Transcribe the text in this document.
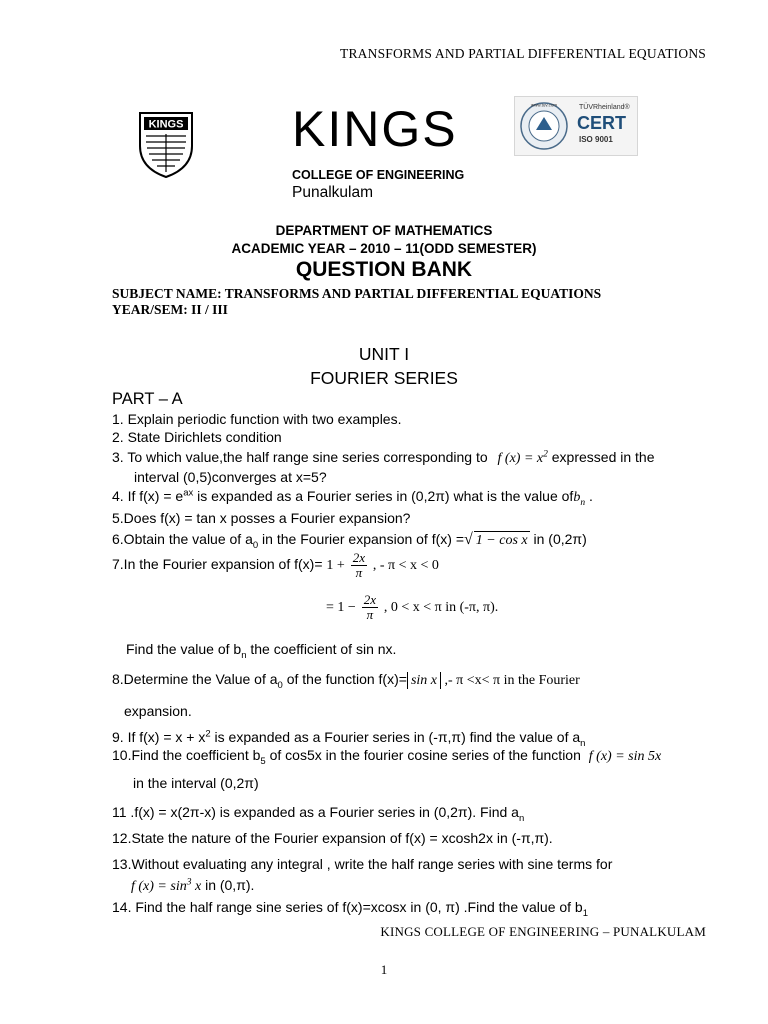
TRANSFORMS AND PARTIAL DIFFERENTIAL EQUATIONS
KINGS KINGS
COLLEGE OF ENGINEERING
Punalkulam
www.tuv.com	TÜVRheinland®
CERT
ISO 9001
DEPARTMENT OF MATHEMATICS
ACADEMIC YEAR – 2010 – 11(ODD SEMESTER)
QUESTION BANK
SUBJECT NAME: TRANSFORMS AND PARTIAL DIFFERENTIAL EQUATIONS
YEAR/SEM: II / III
UNIT I
FOURIER SERIES
PART – A
1. Explain periodic function with two examples.
2. State Dirichlets condition
3. To which value,the half range sine series corresponding to f $(x) = x^2$ expressed in the
interval (0,5)converges at x=5?
4. If $f(x) = e^{ax}$ is expanded as a Fourier series in (0,2π) what is the value ofb$_n$ .
5.Does f(x) = tan x posses a Fourier expansion?
6.Obtain the value of $a_0$ in the Fourier expansion of f(x) =√ 1 − cos x in (0,2π)
7.In the Fourier expansion of $f(x)= 1 + \frac{2x}{\pi}$ , - π < x < 0
= $1 - \frac{2x}{\pi}$ , 0 < x < π in (-π, π).
Find the value of $b_n$ the coefficient of sin nx.
8.Determine the Value of $a_0$ of the function f(x)= sin x ,- π <x< π in the Fourier
expansion.
9. If $f(x) = x + x^2$ is expanded as a Fourier series in (-π,π) find the value of $a_n$
10.Find the coefficient $b_5$ of cos5x in the fourier cosine series of the function f (x) = sin 5x
in the interval (0,2π)
11 .f(x) = x(2π-x) is expanded as a Fourier series in (0,2π). Find $a_n$
12.State the nature of the Fourier expansion of f(x) = xcosh2x in (-π,π).
13.Without evaluating any integral , write the half range series with sine terms for
f $(x) = \sin^3 x$ in (0,π).
14. Find the half range sine series of f(x)=xcosx in (0, π) .Find the value of $b_1$
KINGS COLLEGE OF ENGINEERING – PUNALKULAM
1
